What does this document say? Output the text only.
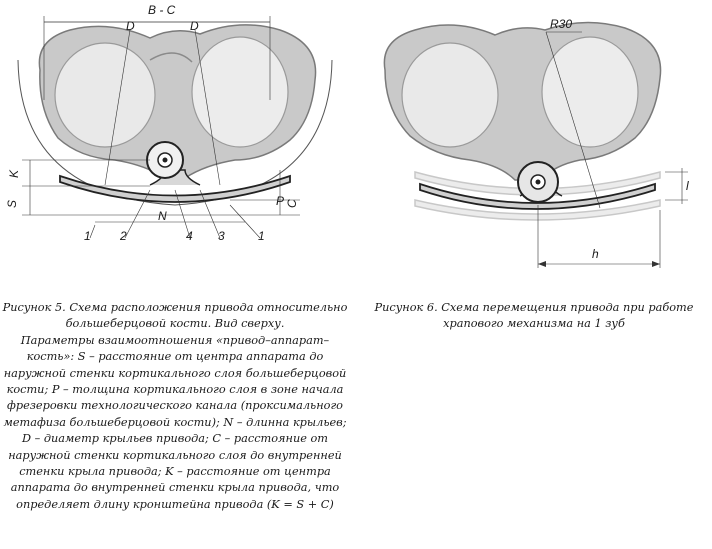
B - C
D	D
K
S
N
P C
1 2	4 3	1
R30
l
h
Рисунок 5. Схема расположения привода относительно большеберцовой кости. Вид сверху.
Параметры взаимоотношения «привод–аппарат–кость»: S – расстояние от центра аппарата до наружной стенки кортикального слоя большеберцовой кости; P – толщина кортикального слоя в зоне начала фрезеровки технологического канала (проксимального метафиза большеберцовой кости); N – длинна крыльев; D – диаметр крыльев привода; C – расстояние от наружной стенки кортикального слоя до внутренней стенки крыла привода; K – расстояние от центра аппарата до внутренней стенки крыла привода, что определяет длину кронштейна привода (K = S + C)
Рисунок 6. Схема перемещения привода при работе храпового механизма на 1 зуб
